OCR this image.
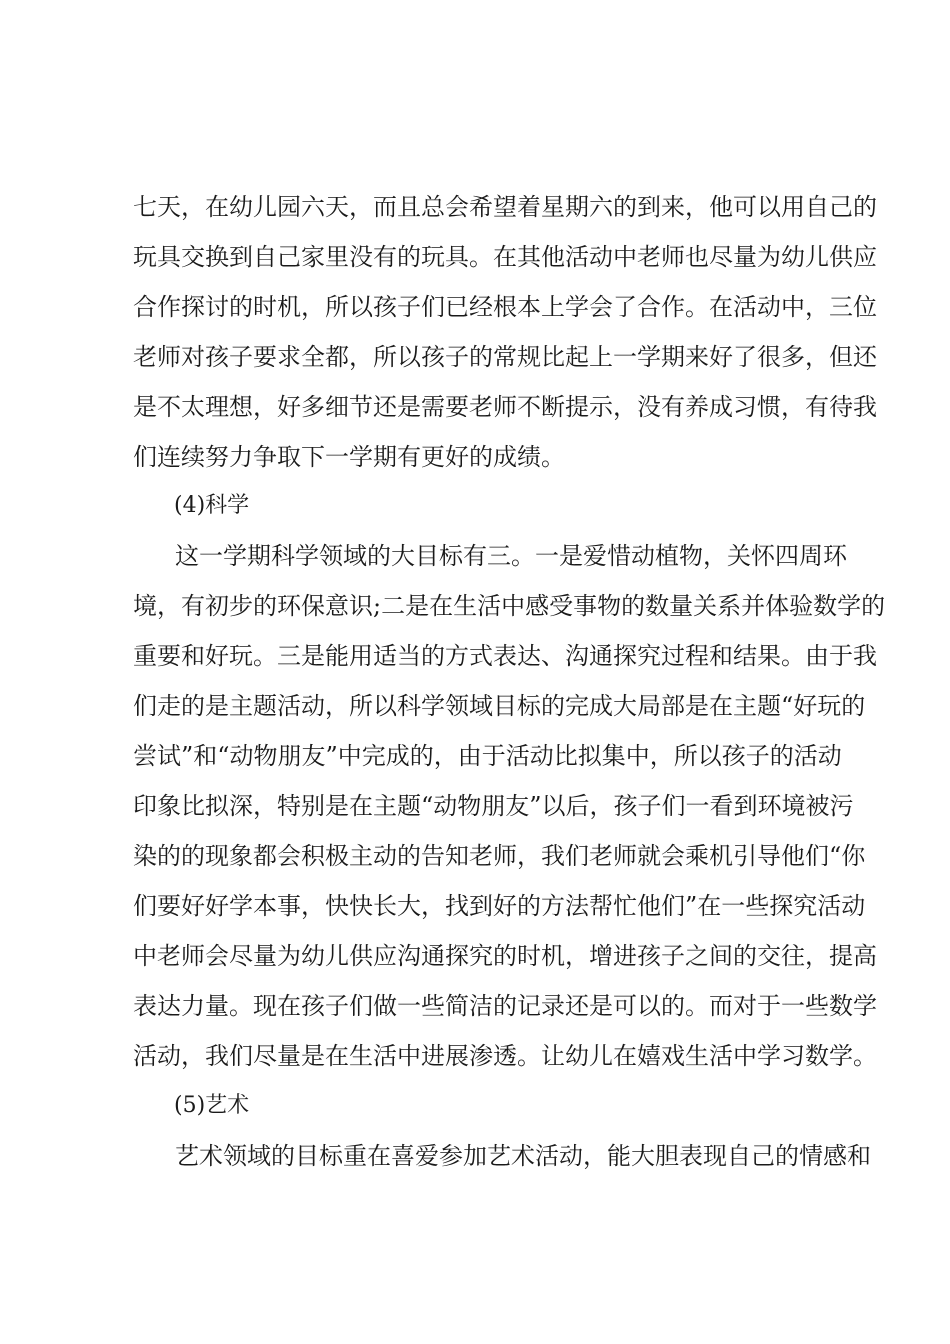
七天，在幼儿园六天，而且总会希望着星期六的到来，他可以用自己的
玩具交换到自己家里没有的玩具。在其他活动中老师也尽量为幼儿供应
合作探讨的时机，所以孩子们已经根本上学会了合作。在活动中，三位
老师对孩子要求全都，所以孩子的常规比起上一学期来好了很多，但还
是不太理想，好多细节还是需要老师不断提示，没有养成习惯，有待我
们连续努力争取下一学期有更好的成绩。
(4)科学
这一学期科学领域的大目标有三。一是爱惜动植物，关怀四周环
境，有初步的环保意识;二是在生活中感受事物的数量关系并体验数学的
重要和好玩。三是能用适当的方式表达、沟通探究过程和结果。由于我
们走的是主题活动，所以科学领域目标的完成大局部是在主题“好玩的
尝试”和“动物朋友”中完成的，由于活动比拟集中，所以孩子的活动
印象比拟深，特别是在主题“动物朋友”以后，孩子们一看到环境被污
染的的现象都会积极主动的告知老师，我们老师就会乘机引导他们“你
们要好好学本事，快快长大，找到好的方法帮忙他们”在一些探究活动
中老师会尽量为幼儿供应沟通探究的时机，增进孩子之间的交往，提高
表达力量。现在孩子们做一些简洁的记录还是可以的。而对于一些数学
活动，我们尽量是在生活中进展渗透。让幼儿在嬉戏生活中学习数学。
(5)艺术
艺术领域的目标重在喜爱参加艺术活动，能大胆表现自己的情感和
